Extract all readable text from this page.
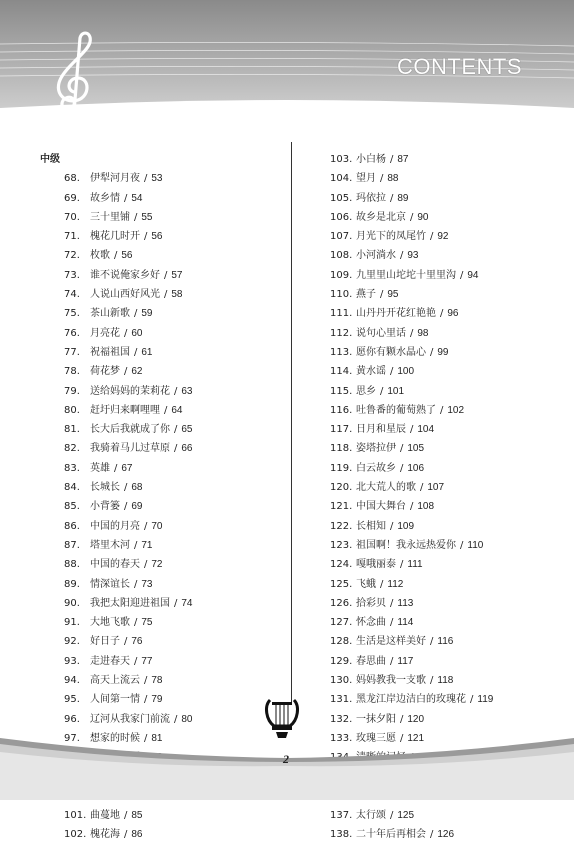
CONTENTS
中级
68.	伊犁河月夜 / 53
69.	故乡情 / 54
70.	三十里铺 / 55
71.	槐花几时开 / 56
72.	枚歌 / 56
73.	谁不说俺家乡好 / 57
74.	人说山西好风光 / 58
75.	茶山新歌 / 59
76.	月亮花 / 60
77.	祝福祖国 / 61
78.	荷花梦 / 62
79.	送给妈妈的茉莉花 / 63
80.	赶圩归来啊哩哩 / 64
81.	长大后我就成了你 / 65
82.	我骑着马儿过草原 / 66
83.	英雄 / 67
84.	长城长 / 68
85.	小背篓 / 69
86.	中国的月亮 / 70
87.	塔里木河 / 71
88.	中国的春天 / 72
89.	情深谊长 / 73
90.	我把太阳迎进祖国 / 74
91.	大地飞歌 / 75
92.	好日子 / 76
93.	走进春天 / 77
94.	高天上流云 / 78
95.	人间第一情 / 79
96.	辽河从我家门前流 / 80
97.	想家的时候 / 81
101. 曲蔓地 / 85
102. 槐花海 / 86
103. 小白杨 / 87
104. 望月 / 88
105. 玛依拉 / 89
106. 故乡是北京 / 90
107. 月光下的凤尾竹 / 92
108. 小河淌水 / 93
109. 九里里山坨坨十里里沟 / 94
110. 燕子 / 95
111. 山丹丹开花红艳艳 / 96
112. 说句心里话 / 98
113. 愿你有颗水晶心 / 99
114. 黄水谣 / 100
115. 思乡 / 101
116. 吐鲁番的葡萄熟了 / 102
117. 日月和星辰 / 104
118. 姿塔拉伊 / 105
119. 白云故乡 / 106
120. 北大荒人的歌 / 107
121. 中国大舞台 / 108
122. 长相知 / 109
123. 祖国啊！我永远热爱你 / 110
124. 嘎哦丽泰 / 111
125. 飞蛾 / 112
126. 拾彩贝 / 113
127. 怀念曲 / 114
128. 生活是这样美好 / 116
129. 春思曲 / 117
130. 妈妈教我一支歌 / 118
131. 黑龙江岸边洁白的玫瑰花 / 119
132. 一抹夕阳 / 120
133. 玫瑰三愿 / 121
137. 太行颂 / 125
138. 二十年后再相会 / 126
2
